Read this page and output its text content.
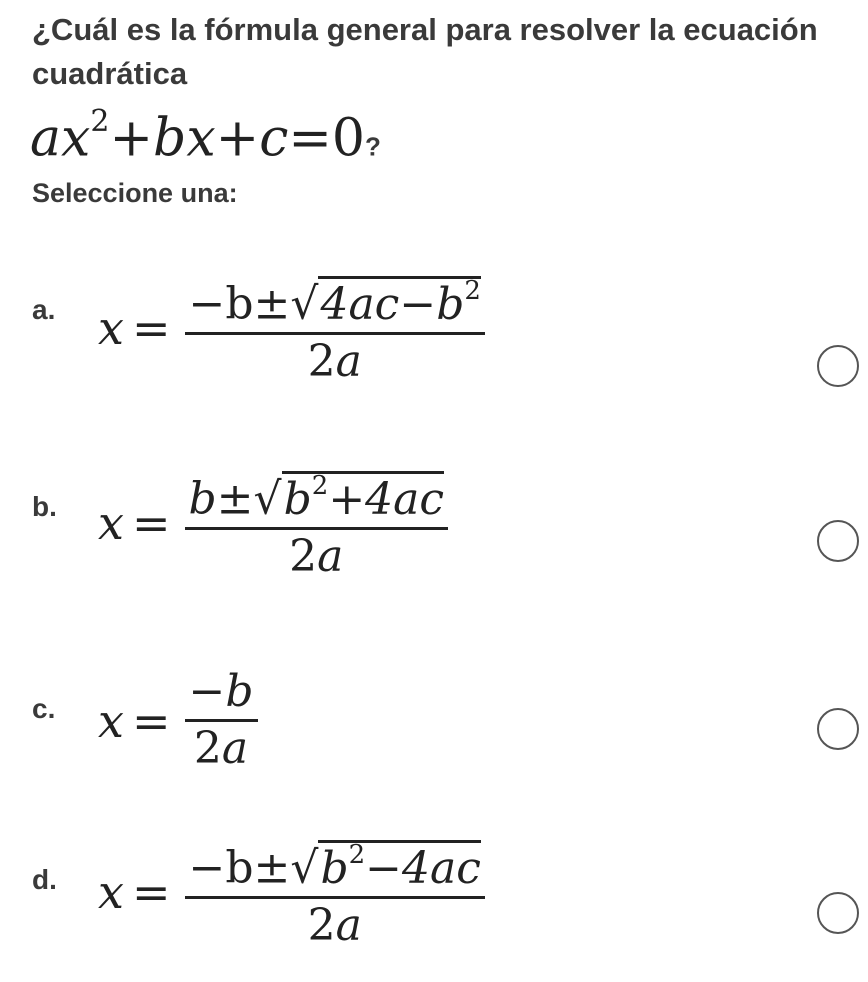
¿Cuál es la fórmula general para resolver la ecuación cuadrática
$ax^2+bx+c=0$?
Seleccione una:
a. $x = \frac{-b\pm√4ac-b^2}{2a}$
b. $x = \frac{b\pm√b^2+4ac}{2a}$
c. $x = \frac{-b}{2a}$
d. $x = \frac{-b\pm√b^2-4ac}{2a}$
